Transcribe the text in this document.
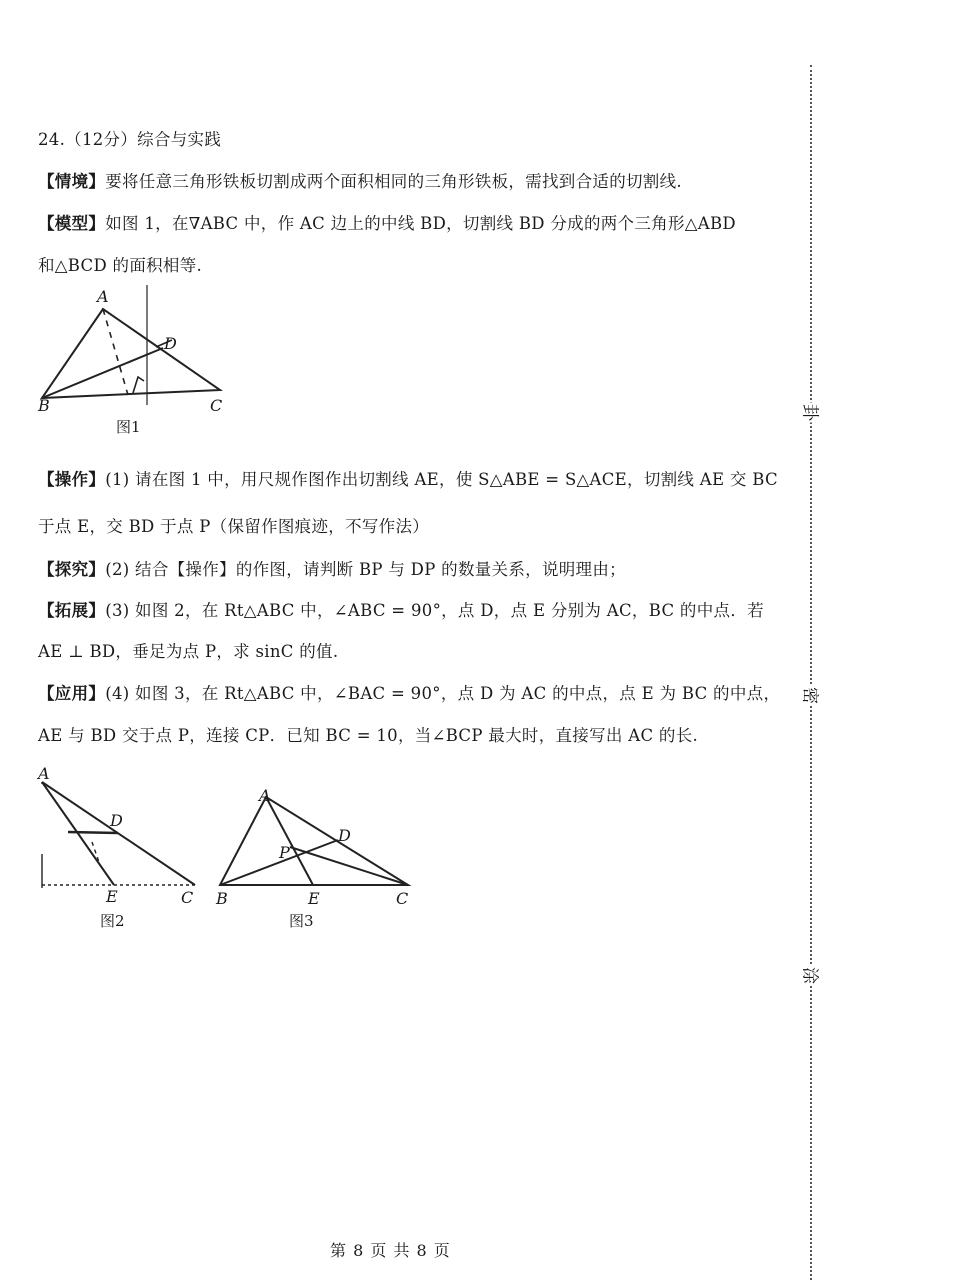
24.（12分）综合与实践
【情境】要将任意三角形铁板切割成两个面积相同的三角形铁板，需找到合适的切割线.
【模型】如图 1，在∇ABC 中，作 AC 边上的中线 BD，切割线 BD 分成的两个三角形△ABD
和△BCD 的面积相等.
A
B	C
D
图1
【操作】(1) 请在图 1 中，用尺规作图作出切割线 AE，使 S△ABE = S△ACE，切割线 AE 交 BC
于点 E，交 BD 于点 P（保留作图痕迹，不写作法）
【探究】(2) 结合【操作】的作图，请判断 BP 与 DP 的数量关系，说明理由；
【拓展】(3) 如图 2，在 Rt△ABC 中，∠ABC = 90°，点 D，点 E 分别为 AC，BC 的中点．若
AE ⊥ BD，垂足为点 P，求 sinC 的值.
【应用】(4) 如图 3，在 Rt△ABC 中，∠BAC = 90°，点 D 为 AC 的中点，点 E 为 BC 的中点，
AE 与 BD 交于点 P，连接 CP．已知 BC = 10，当∠BCP 最大时，直接写出 AC 的长.
A
D
E	C
图2
A
D
P
B	E	C
图3
卦
密
涂
第 8 页 共 8 页
